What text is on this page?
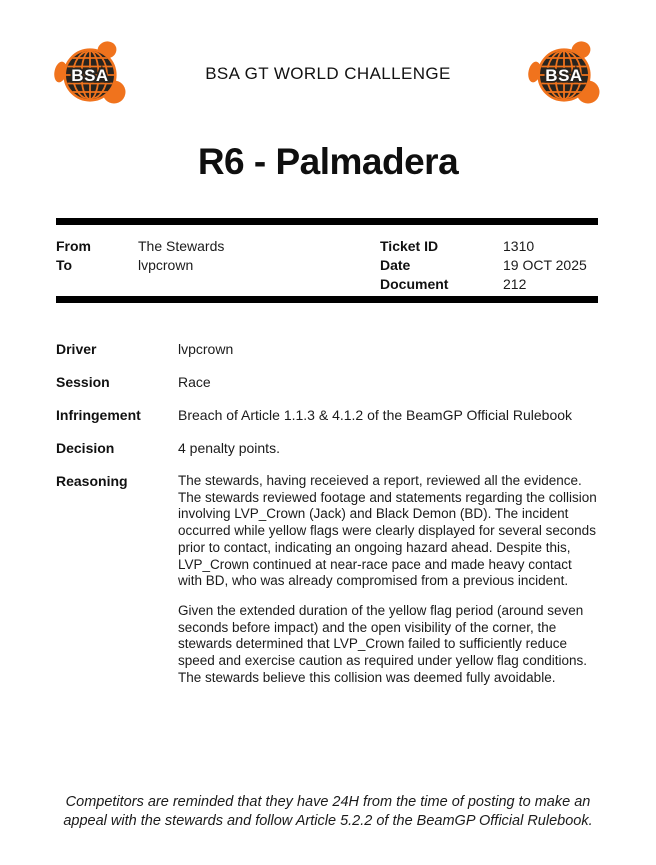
BSA	BSA GT WORLD CHALLENGE	BSA
R6 - Palmadera
From	The Stewards
To	lvpcrown
Ticket ID	1310
Date	19 OCT 2025
Document	212
Driver	lvpcrown
Session	Race
Infringement	Breach of Article 1.1.3 & 4.1.2 of the BeamGP Official Rulebook
Decision	4 penalty points.
Reasoning	The stewards, having receieved a report, reviewed all the evidence. The stewards reviewed footage and statements regarding the collision involving LVP_Crown (Jack) and Black Demon (BD). The incident occurred while yellow flags were clearly displayed for several seconds prior to contact, indicating an ongoing hazard ahead. Despite this, LVP_Crown continued at near-race pace and made heavy contact with BD, who was already compromised from a previous incident.

Given the extended duration of the yellow flag period (around seven seconds before impact) and the open visibility of the corner, the stewards determined that LVP_Crown failed to sufficiently reduce speed and exercise caution as required under yellow flag conditions. The stewards believe this collision was deemed fully avoidable.

Competitors are reminded that they have 24H from the time of posting to make an appeal with the stewards and follow Article 5.2.2 of the BeamGP Official Rulebook.
